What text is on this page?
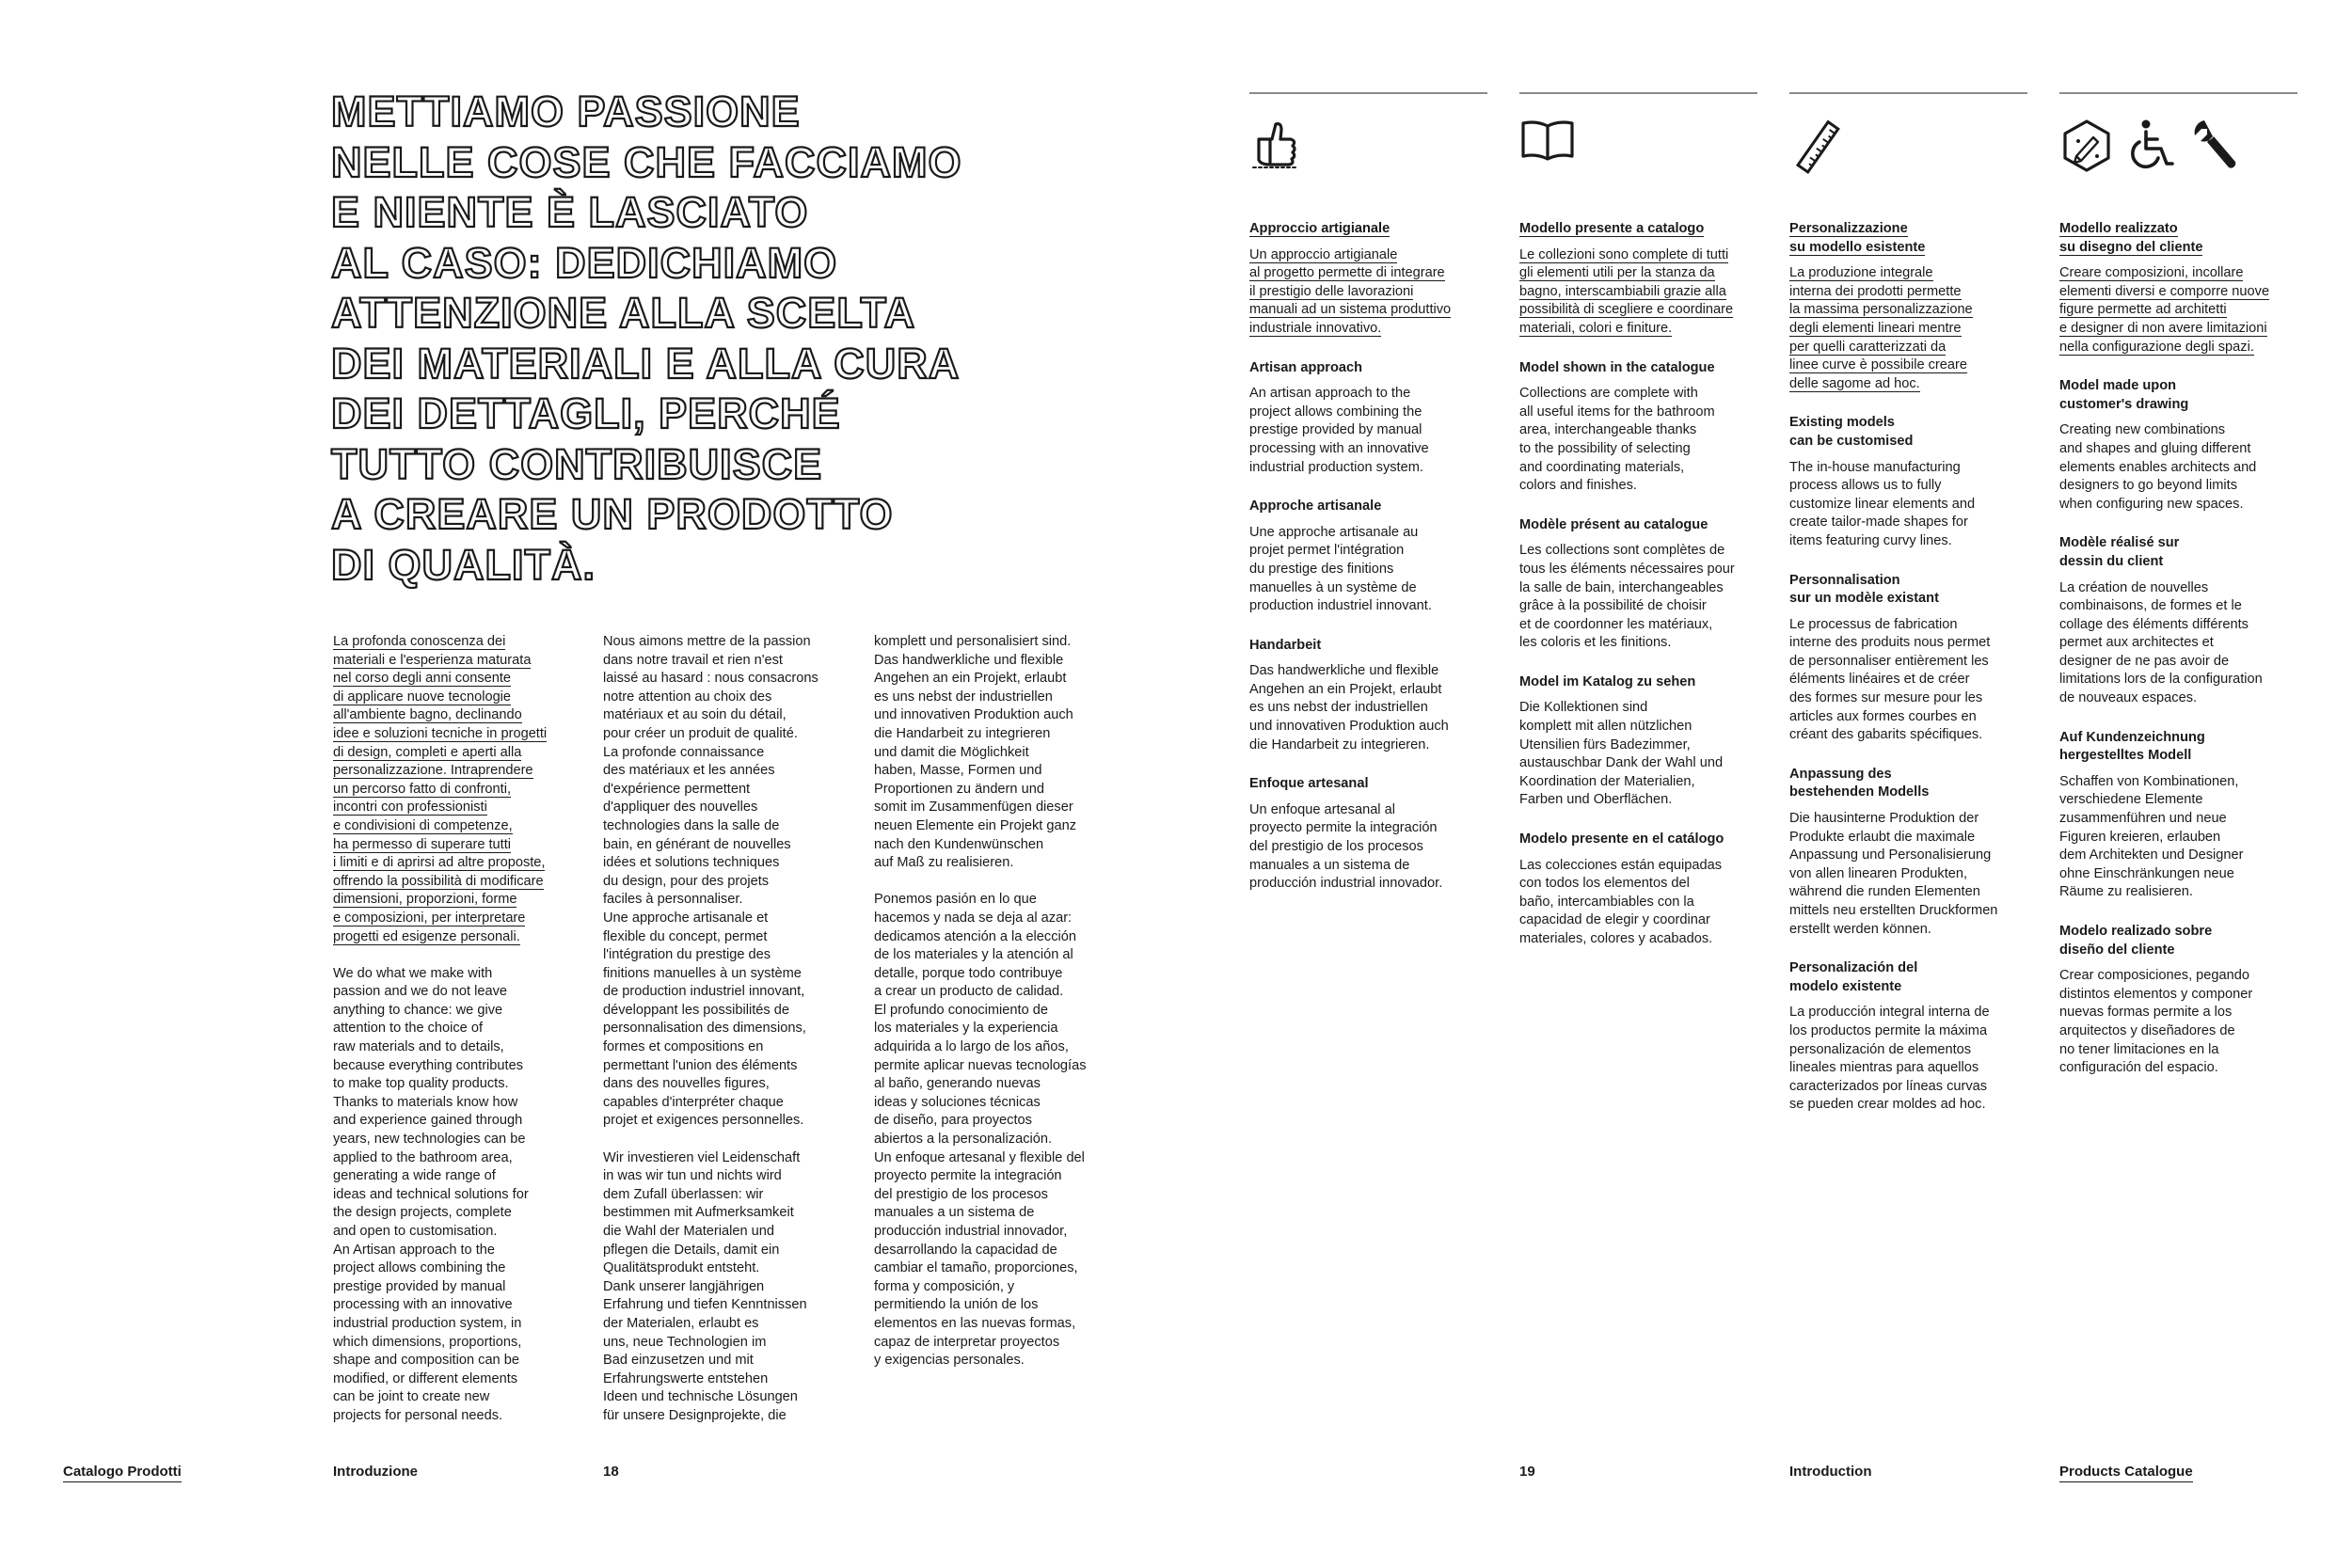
METTIAMO PASSIONE
NELLE COSE CHE FACCIAMO
E NIENTE È LASCIATO
AL CASO: DEDICHIAMO
ATTENZIONE ALLA SCELTA
DEI MATERIALI E ALLA CURA
DEI DETTAGLI, PERCHÉ
TUTTO CONTRIBUISCE
A CREARE UN PRODOTTO
DI QUALITÀ.

La profonda conoscenza dei

materiali e l'esperienza maturata

nel corso degli anni consente

di applicare nuove tecnologie

all'ambiente bagno, declinando

idee e soluzioni tecniche in progetti

di design, completi e aperti alla

personalizzazione. Intraprendere

un percorso fatto di confronti,

incontri con professionisti

e condivisioni di competenze,

ha permesso di superare tutti

i limiti e di aprirsi ad altre proposte,

offrendo la possibilità di modificare

dimensioni, proporzioni, forme

e composizioni, per interpretare

progetti ed esigenze personali.

We do what we make with

passion and we do not leave

anything to chance: we give

attention to the choice of

raw materials and to details,

because everything contributes

to make top quality products.

Thanks to materials know how

and experience gained through

years, new technologies can be

applied to the bathroom area,

generating a wide range of

ideas and technical solutions for

the design projects, complete

and open to customisation.

An Artisan approach to the

project allows combining the

prestige provided by manual

processing with an innovative

industrial production system, in

which dimensions, proportions,

shape and composition can be

modified, or different elements

can be joint to create new

projects for personal needs.

Nous aimons mettre de la passion

dans notre travail et rien n'est

laissé au hasard : nous consacrons

notre attention au choix des

matériaux et au soin du détail,

pour créer un produit de qualité.

La profonde connaissance

des matériaux et les années

d'expérience permettent

d'appliquer des nouvelles

technologies dans la salle de

bain, en générant de nouvelles

idées et solutions techniques

du design, pour des projets

faciles à personnaliser.

Une approche artisanale et

flexible du concept, permet

l'intégration du prestige des

finitions manuelles à un système

de production industriel innovant,

développant les possibilités de

personnalisation des dimensions,

formes et compositions en

permettant l'union des éléments

dans des nouvelles figures,

capables d'interpréter chaque

projet et exigences personnelles.

Wir investieren viel Leidenschaft

in was wir tun und nichts wird

dem Zufall überlassen: wir

bestimmen mit Aufmerksamkeit

die Wahl der Materialen und

pflegen die Details, damit ein

Qualitätsprodukt entsteht.

Dank unserer langjährigen

Erfahrung und tiefen Kenntnissen

der Materialen, erlaubt es

uns, neue Technologien im

Bad einzusetzen und mit

Erfahrungswerte entstehen

Ideen und technische Lösungen

für unsere Designprojekte, die

komplett und personalisiert sind.

Das handwerkliche und flexible

Angehen an ein Projekt, erlaubt

es uns nebst der industriellen

und innovativen Produktion auch

die Handarbeit zu integrieren

und damit die Möglichkeit

haben, Masse, Formen und

Proportionen zu ändern und

somit im Zusammenfügen dieser

neuen Elemente ein Projekt ganz

nach den Kundenwünschen

auf Maß zu realisieren.

Ponemos pasión en lo que

hacemos y nada se deja al azar:

dedicamos atención a la elección

de los materiales y la atención al

detalle, porque todo contribuye

a crear un producto de calidad.

El profundo conocimiento de

los materiales y la experiencia

adquirida a lo largo de los años,

permite aplicar nuevas tecnologías

al baño, generando nuevas

ideas y soluciones técnicas

de diseño, para proyectos

abiertos a la personalización.

Un enfoque artesanal y flexible del

proyecto permite la integración

del prestigio de los procesos

manuales a un sistema de

producción industrial innovador,

desarrollando la capacidad de

cambiar el tamaño, proporciones,

forma y composición, y

permitiendo la unión de los

elementos en las nuevas formas,

capaz de interpretar proyectos

y exigencias personales.

Approccio artigianale

Un approccio artigianale

al progetto permette di integrare

il prestigio delle lavorazioni

manuali ad un sistema produttivo

industriale innovativo.

Artisan approach

An artisan approach to the

project allows combining the

prestige provided by manual

processing with an innovative

industrial production system.

Approche artisanale

Une approche artisanale au

projet permet l'intégration

du prestige des finitions

manuelles à un système de

production industriel innovant.

Handarbeit

Das handwerkliche und flexible

Angehen an ein Projekt, erlaubt

es uns nebst der industriellen

und innovativen Produktion auch

die Handarbeit zu integrieren.

Enfoque artesanal

Un enfoque artesanal al

proyecto permite la integración

del prestigio de los procesos

manuales a un sistema de

producción industrial innovador.

Modello presente a catalogo

Le collezioni sono complete di tutti

gli elementi utili per la stanza da

bagno, interscambiabili grazie alla

possibilità di scegliere e coordinare

materiali, colori e finiture.

Model shown in the catalogue

Collections are complete with

all useful items for the bathroom

area, interchangeable thanks

to the possibility of selecting

and coordinating materials,

colors and finishes.

Modèle présent au catalogue

Les collections sont complètes de

tous les éléments nécessaires pour

la salle de bain, interchangeables

grâce à la possibilité de choisir

et de coordonner les matériaux,

les coloris et les finitions.

Model im Katalog zu sehen

Die Kollektionen sind

komplett mit allen nützlichen

Utensilien fürs Badezimmer,

austauschbar Dank der Wahl und

Koordination der Materialien,

Farben und Oberflächen.

Modelo presente en el catálogo

Las colecciones están equipadas

con todos los elementos del

baño, intercambiables con la

capacidad de elegir y coordinar

materiales, colores y acabados.

Personalizzazione
su modello esistente

La produzione integrale

interna dei prodotti permette

la massima personalizzazione

degli elementi lineari mentre

per quelli caratterizzati da

linee curve è possibile creare

delle sagome ad hoc.

Existing models
can be customised

The in-house manufacturing

process allows us to fully

customize linear elements and

create tailor-made shapes for

items featuring curvy lines.

Personnalisation
sur un modèle existant

Le processus de fabrication

interne des produits nous permet

de personnaliser entièrement les

éléments linéaires et de créer

des formes sur mesure pour les

articles aux formes courbes en

créant des gabarits spécifiques.

Anpassung des
bestehenden Modells

Die hausinterne Produktion der

Produkte erlaubt die maximale

Anpassung und Personalisierung

von allen linearen Produkten,

während die runden Elementen

mittels neu erstellten Druckformen

erstellt werden können.

Personalización del
modelo existente

La producción integral interna de

los productos permite la máxima

personalización de elementos

lineales mientras para aquellos

caracterizados por líneas curvas

se pueden crear moldes ad hoc.

Modello realizzato
su disegno del cliente

Creare composizioni, incollare

elementi diversi e comporre nuove

figure permette ad architetti

e designer di non avere limitazioni

nella configurazione degli spazi.

Model made upon
customer's drawing

Creating new combinations

and shapes and gluing different

elements enables architects and

designers to go beyond limits

when configuring new spaces.

Modèle réalisé sur
dessin du client

La création de nouvelles

combinaisons, de formes et le

collage des éléments différents

permet aux architectes et

designer de ne pas avoir de

limitations lors de la configuration

de nouveaux espaces.

Auf Kundenzeichnung
hergestelltes Modell

Schaffen von Kombinationen,

verschiedene Elemente

zusammenführen und neue

Figuren kreieren, erlauben

dem Architekten und Designer

ohne Einschränkungen neue

Räume zu realisieren.

Modelo realizado sobre
diseño del cliente

Crear composiciones, pegando

distintos elementos y componer

nuevas formas permite a los

arquitectos y diseñadores de

no tener limitaciones en la

configuración del espacio.

Catalogo Prodotti	Introduzione	18	19	Introduction	Products Catalogue
